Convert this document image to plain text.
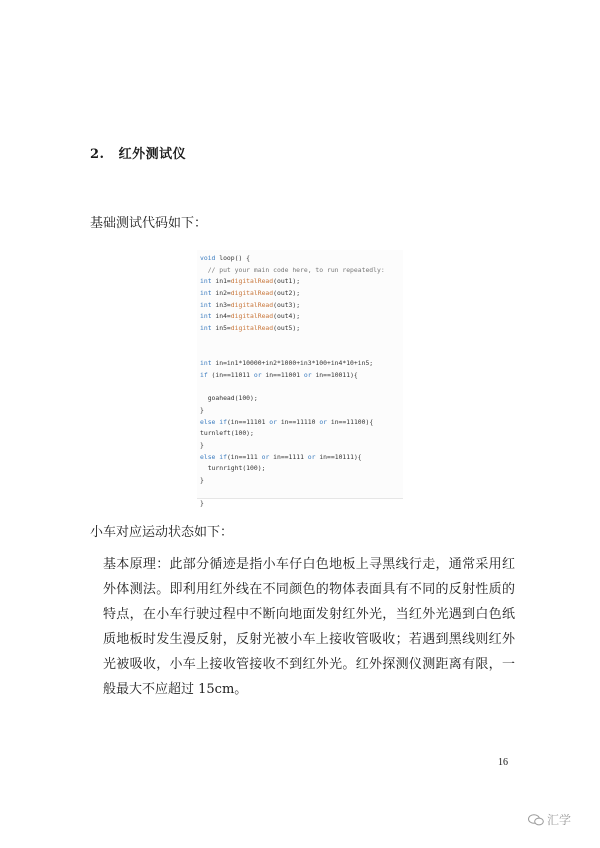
2. 红外测试仪
基础测试代码如下：
void loop() {
// put your main code here, to run repeatedly:
int in1=digitalRead(out1);
int in2=digitalRead(out2);
int in3=digitalRead(out3);
int in4=digitalRead(out4);
int in5=digitalRead(out5);

int in=in1*10000+in2*1000+in3*100+in4*10+in5;
if (in==11011 or in==11001 or in==10011){

goahead(100);
}
else if(in==11101 or in==11110 or in==11100){
turnleft(100);
}
else if(in==111 or in==1111 or in==10111){
turnright(100);
}

}
小车对应运动状态如下：
基本原理：此部分循迹是指小车仔白色地板上寻黑线行走，通常采用红外体测法。即利用红外线在不同颜色的物体表面具有不同的反射性质的特点，在小车行驶过程中不断向地面发射红外光，当红外光遇到白色纸质地板时发生漫反射，反射光被小车上接收管吸收；若遇到黑线则红外光被吸收，小车上接收管接收不到红外光。红外探测仪测距离有限，一般最大不应超过 15cm。
16
汇学
